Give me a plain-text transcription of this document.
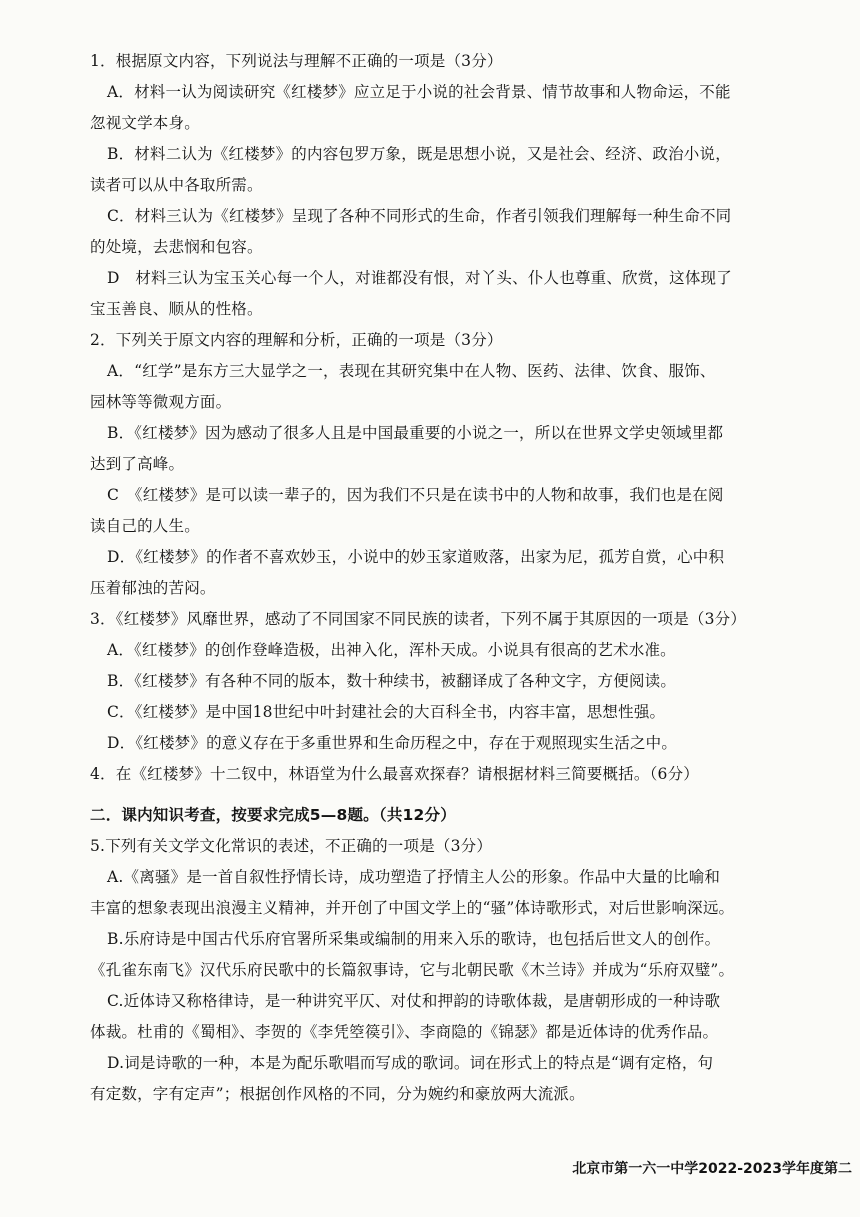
1．根据原文内容，下列说法与理解不正确的一项是（3分）
A．材料一认为阅读研究《红楼梦》应立足于小说的社会背景、情节故事和人物命运，不能
忽视文学本身。
B．材料二认为《红楼梦》的内容包罗万象，既是思想小说，又是社会、经济、政治小说，
读者可以从中各取所需。
C．材料三认为《红楼梦》呈现了各种不同形式的生命，作者引领我们理解每一种生命不同
的处境，去悲悯和包容。
D　材料三认为宝玉关心每一个人，对谁都没有恨，对丫头、仆人也尊重、欣赏，这体现了
宝玉善良、顺从的性格。
2．下列关于原文内容的理解和分析，正确的一项是（3分）
A．“红学”是东方三大显学之一，表现在其研究集中在人物、医药、法律、饮食、服饰、
园林等等微观方面。
B．《红楼梦》因为感动了很多人且是中国最重要的小说之一，所以在世界文学史领域里都
达到了高峰。
C　《红楼梦》是可以读一辈子的，因为我们不只是在读书中的人物和故事，我们也是在阅
读自己的人生。
D．《红楼梦》的作者不喜欢妙玉，小说中的妙玉家道败落，出家为尼，孤芳自赏，心中积
压着郁浊的苦闷。
3．《红楼梦》风靡世界，感动了不同国家不同民族的读者，下列不属于其原因的一项是（3分）
A．《红楼梦》的创作登峰造极，出神入化，浑朴天成。小说具有很高的艺术水准。
B．《红楼梦》有各种不同的版本，数十种续书，被翻译成了各种文字，方便阅读。
C．《红楼梦》是中国18世纪中叶封建社会的大百科全书，内容丰富，思想性强。
D．《红楼梦》的意义存在于多重世界和生命历程之中，存在于观照现实生活之中。
4．在《红楼梦》十二钗中，林语堂为什么最喜欢探春？请根据材料三简要概括。（6分）
二．课内知识考查，按要求完成5—8题。（共12分）
5.下列有关文学文化常识的表述，不正确的一项是（3分）
A.《离骚》是一首自叙性抒情长诗，成功塑造了抒情主人公的形象。作品中大量的比喻和
丰富的想象表现出浪漫主义精神，并开创了中国文学上的“骚”体诗歌形式，对后世影响深远。
B.乐府诗是中国古代乐府官署所采集或编制的用来入乐的歌诗，也包括后世文人的创作。
《孔雀东南飞》汉代乐府民歌中的长篇叙事诗，它与北朝民歌《木兰诗》并成为“乐府双璧”。
C.近体诗又称格律诗，是一种讲究平仄、对仗和押韵的诗歌体裁，是唐朝形成的一种诗歌
体裁。杜甫的《蜀相》、李贺的《李凭箜篌引》、李商隐的《锦瑟》都是近体诗的优秀作品。
D.词是诗歌的一种，本是为配乐歌唱而写成的歌词。词在形式上的特点是“调有定格，句
有定数，字有定声”；根据创作风格的不同，分为婉约和豪放两大流派。
北京市第一六一中学2022-2023学年度第二
